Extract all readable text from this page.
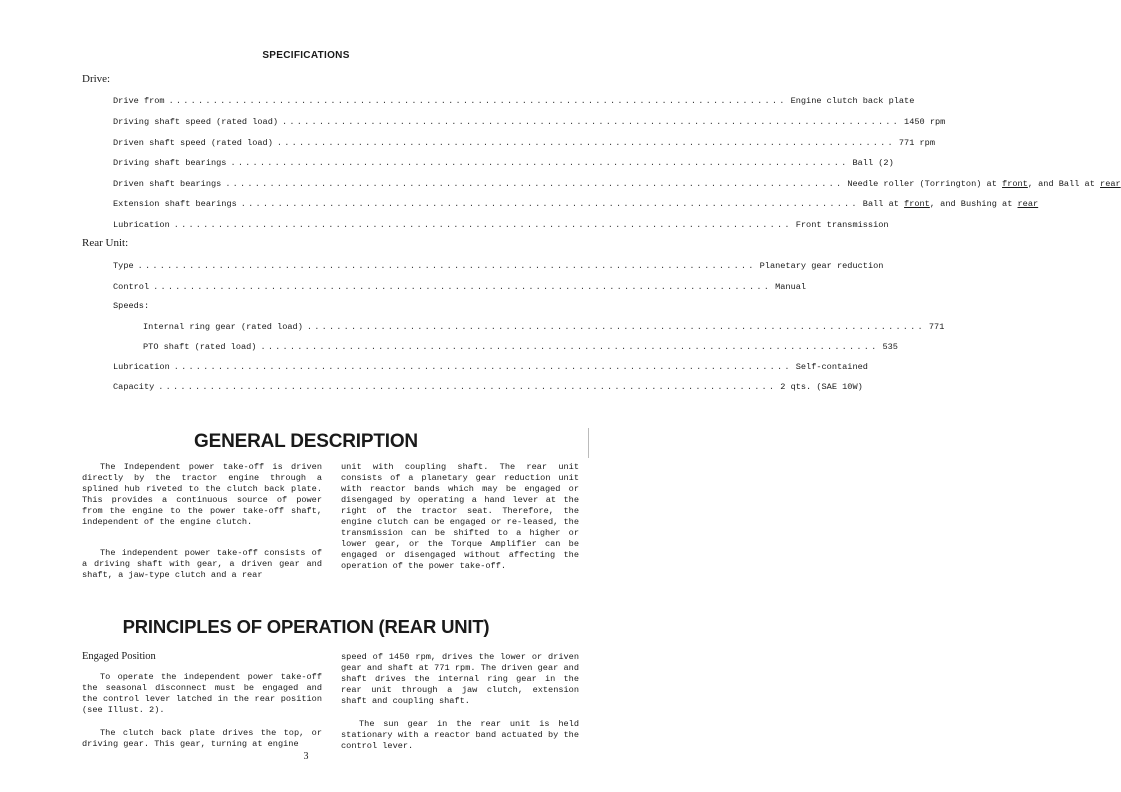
SPECIFICATIONS
Drive:
Drive from .................................................................................... Engine clutch back plate
Driving shaft speed (rated load) .................................................................................... 1450 rpm
Driven shaft speed (rated load) .................................................................................... 771 rpm
Driving shaft bearings .................................................................................... Ball (2)
Driven shaft bearings .................................................................................... Needle roller (Torrington) at front, and Ball at rear
Extension shaft bearings .................................................................................... Ball at front, and Bushing at rear
Lubrication .................................................................................... Front transmission
Rear Unit:
Type .................................................................................... Planetary gear reduction
Control .................................................................................... Manual
Speeds:
Internal ring gear (rated load) .................................................................................... 771
PTO shaft (rated load) .................................................................................... 535
Lubrication .................................................................................... Self-contained
Capacity .................................................................................... 2 qts. (SAE 10W)
GENERAL DESCRIPTION

The Independent power take-off is driven directly by the tractor engine through a splined hub riveted to the clutch back plate. This provides a continuous source of power from the engine to the power take-off shaft, independent of the engine clutch.

The independent power take-off consists of a driving shaft with gear, a driven gear and shaft, a jaw-type clutch and a rear

unit with coupling shaft. The rear unit consists of a planetary gear reduction unit with reactor bands which may be engaged or disengaged by operating a hand lever at the right of the tractor seat. Therefore, the engine clutch can be engaged or re-leased, the transmission can be shifted to a higher or lower gear, or the Torque Amplifier can be engaged or disengaged without affecting the operation of the power take-off.

PRINCIPLES OF OPERATION (REAR UNIT)
Engaged Position

To operate the independent power take-off the seasonal disconnect must be engaged and the control lever latched in the rear position (see Illust. 2).

The clutch back plate drives the top, or driving gear. This gear, turning at engine

speed of 1450 rpm, drives the lower or driven gear and shaft at 771 rpm. The driven gear and shaft drives the internal ring gear in the rear unit through a jaw clutch, extension shaft and coupling shaft.

The sun gear in the rear unit is held stationary with a reactor band actuated by the control lever.

3
